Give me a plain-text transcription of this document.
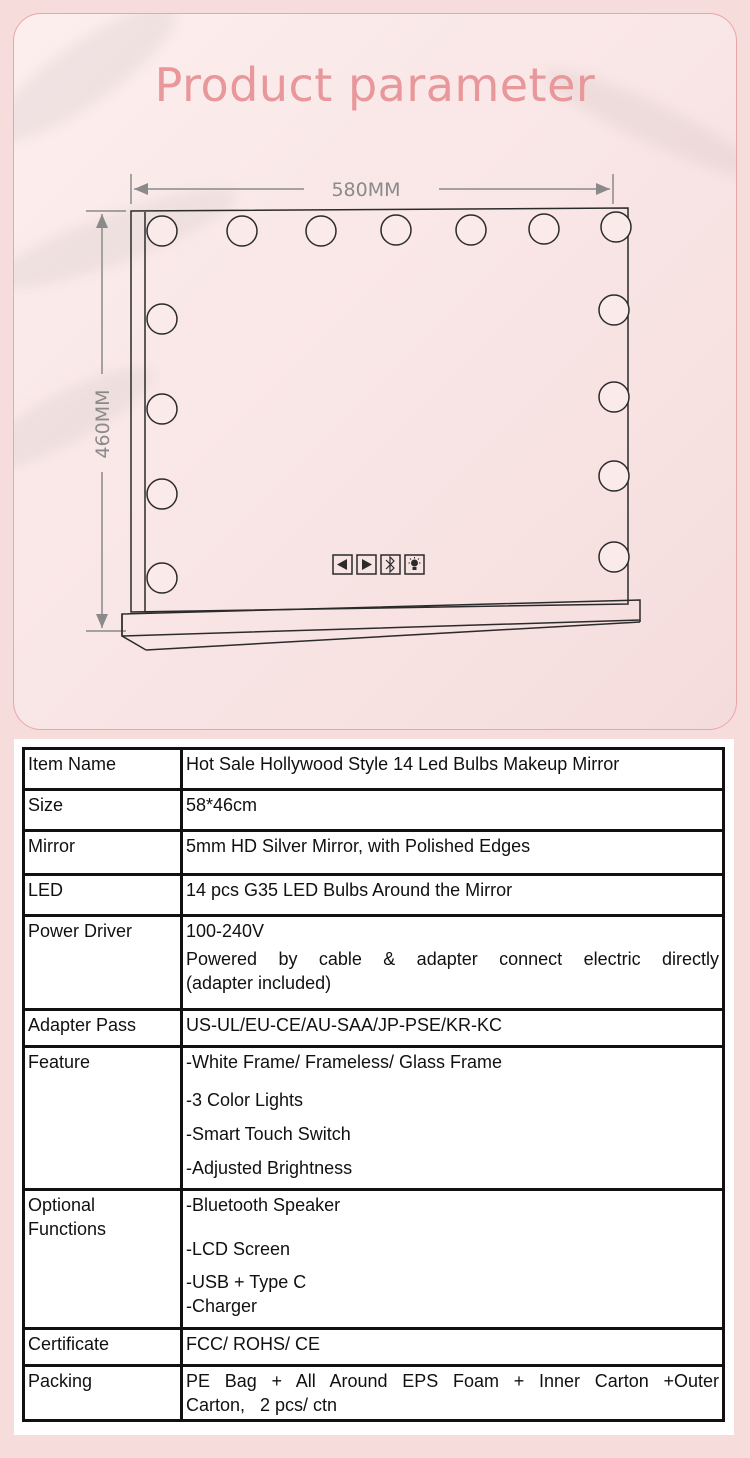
Product parameter
580MM
460MM
Item Name	Hot Sale Hollywood Style 14 Led Bulbs Makeup Mirror

Size	58*46cm

Mirror	5mm HD Silver Mirror, with Polished Edges

LED	14 pcs G35 LED Bulbs Around the Mirror

Power Driver	100-240V
Powered by cable & adapter connect electric directly
(adapter included)

Adapter Pass	US-UL/EU-CE/AU-SAA/JP-PSE/KR-KC

Feature	-White Frame/ Frameless/ Glass Frame
-3 Color Lights
-Smart Touch Switch
-Adjusted Brightness

Optional Functions	-Bluetooth Speaker
-LCD Screen
-USB + Type C
-Charger

Certificate	FCC/ ROHS/ CE

Packing	PE Bag + All Around EPS Foam + Inner Carton +Outer
Carton,   2 pcs/ ctn
